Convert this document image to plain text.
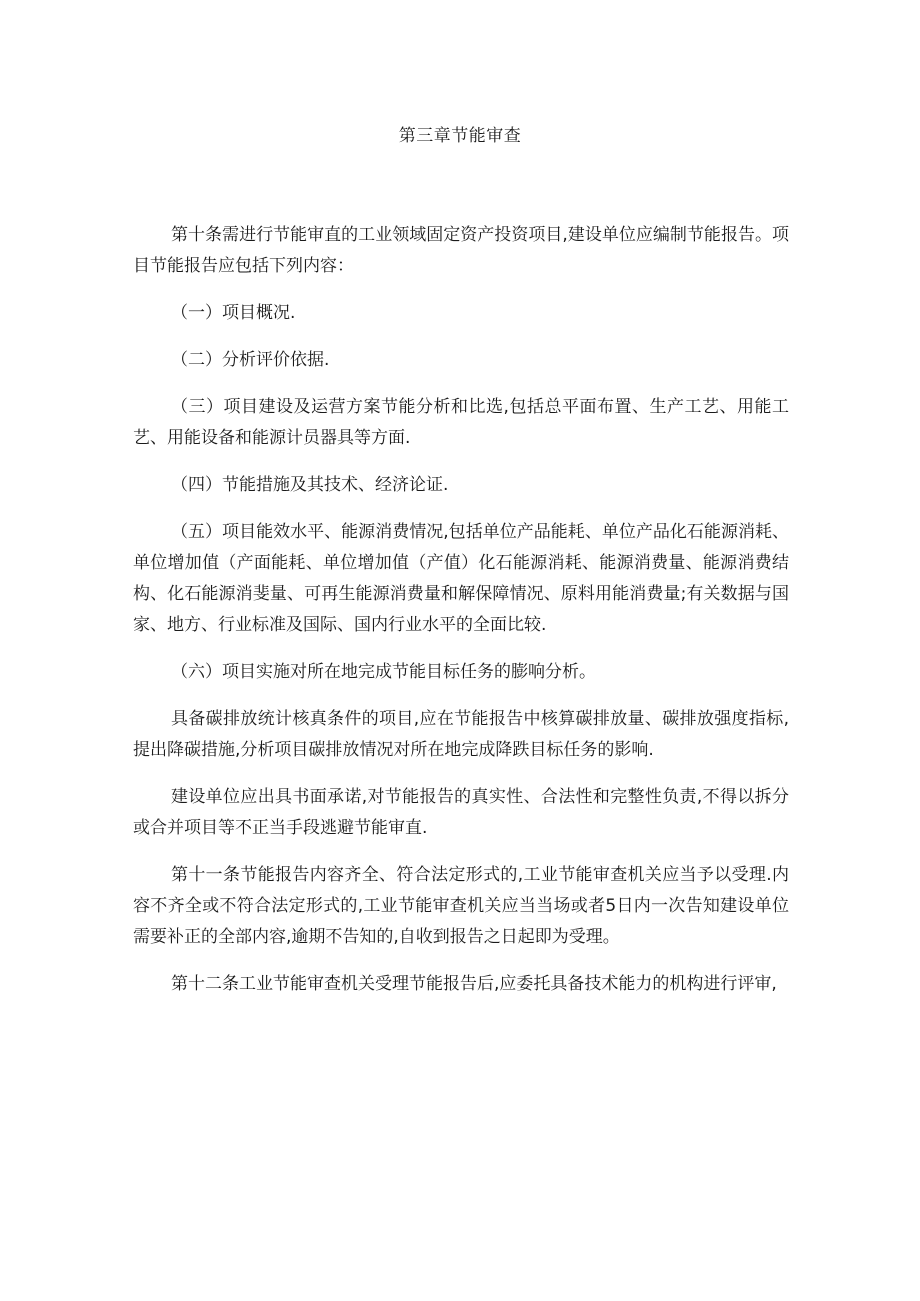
第三章节能审查

第十条需进行节能审直的工业领域固定资产投资项目,建设单位应编制节能报告。项目节能报告应包括下列内容：

（一）项目概况.

（二）分析评价依据.

（三）项目建设及运营方案节能分析和比选,包括总平面布置、生产工艺、用能工艺、用能设备和能源计员器具等方面.

（四）节能措施及其技术、经济论证.

（五）项目能效水平、能源消费情况,包括单位产品能耗、单位产品化石能源消耗、单位增加值（产面能耗、单位增加值（产值）化石能源消耗、能源消费量、能源消费结构、化石能源消斐量、可再生能源消费量和解保障情况、原料用能消费量;有关数据与国家、地方、行业标准及国际、国内行业水平的全面比较.

（六）项目实施对所在地完成节能目标任务的膨响分析。

具备碳排放统计核真条件的项目,应在节能报告中核算碳排放量、碳排放强度指标,提出降碳措施,分析项目碳排放情况对所在地完成降跌目标任务的影响.

建设单位应出具书面承诺,对节能报告的真实性、合法性和完整性负责,不得以拆分或合并项目等不正当手段逃避节能审直.

第十一条节能报告内容齐全、符合法定形式的,工业节能审查机关应当予以受理.内容不齐全或不符合法定形式的,工业节能审查机关应当当场或者5日内一次告知建设单位需要补正的全部内容,逾期不告知的,自收到报告之日起即为受理。

第十二条工业节能审查机关受理节能报告后,应委托具备技术能力的机构进行评审,
